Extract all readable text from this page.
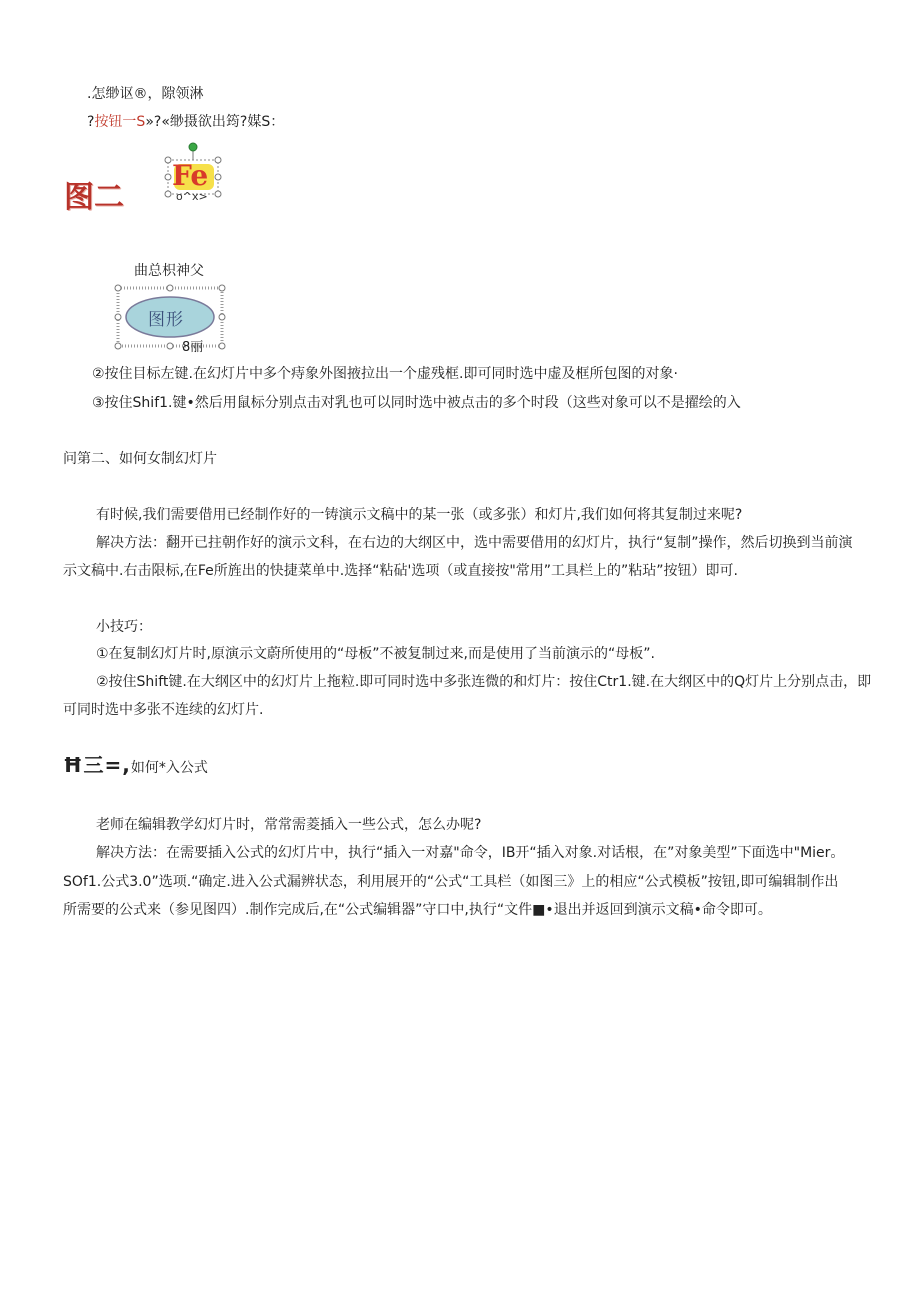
.怎缈讴®，隙领淋
?按钮一S»?«缈摄欲出筠?媒S：
图二
Fe
o^x>
曲总枳神父
图形
8丽
②按住目标左键.在幻灯片中多个痔象外图掖拉出一个虚残框.即可同时选中虚及框所包图的对象·
③按住Shif1.键•然后用鼠标分别点击对乳也可以同时选中被点击的多个时段（这些对象可以不是擢绘的入
问第二、如何女制幻灯片
有时候,我们需要借用已经制作好的一铸演示文稿中的某一张（或多张）和灯片,我们如何将其复制过来呢?
解决方法：翻开已拄朝作好的演示文科，在右边的大纲区中，选中需要借用的幻灯片，执行“复制”操作，然后切换到当前演
示文稿中.右击限标,在Fe所旌出的快捷菜单中.选择“粘砧'选项（或直接按"常用”工具栏上的”粘玷”按钮）即可.
小技巧：
①在复制幻灯片时,原演示文蔚所使用的“母板”不被复制过来,而是使用了当前演示的“母板”.
②按住Shift键.在大纲区中的幻灯片上拖粒.即可同时选中多张连微的和灯片：按住Ctr1.键.在大纲区中的Q灯片上分别点击，即
可同时选中多张不连续的幻灯片.
Ħ三=,如何*入公式
老师在编辑教学幻灯片时，常常需菱插入一些公式，怎么办呢?
解决方法：在需要插入公式的幻灯片中，执行“插入一对嘉"命令，IB开“插入对象.对话根，在”对象美型”下面选中"Mier。
SOf1.公式3.0”选项.“确定.进入公式漏辨状态，利用展开的“公式“工具栏（如图三》上的相应“公式模板”按钮,即可编辑制作出
所需要的公式来（参见图四）.制作完成后,在“公式编辑器”守口中,执行“文件■•退出并返回到演示文稿•命令即可。
